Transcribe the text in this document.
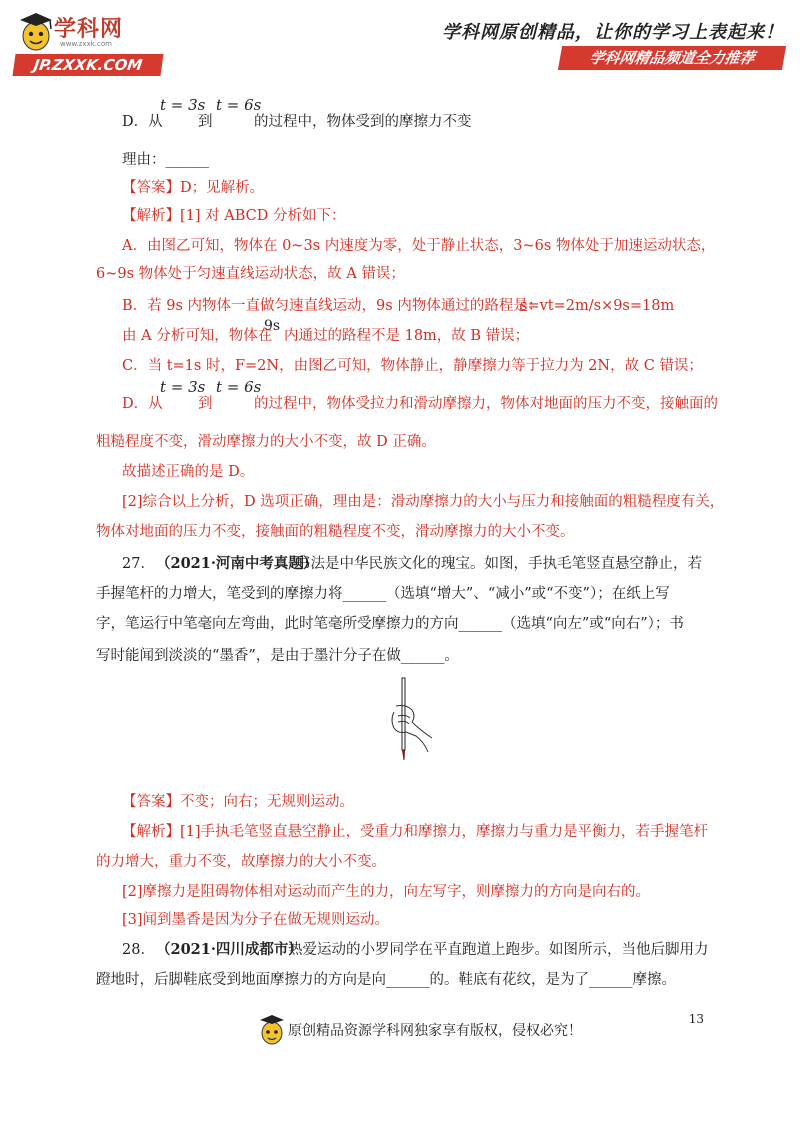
学科网
www.zxxk.com
JP.ZXXK.COM
学科网原创精品，让你的学习上表起来！
学科网精品频道全力推荐
D．从
t = 3s
到
t = 6s
的过程中，物体受到的摩擦力不变
理由：______
【答案】D；见解析。
【解析】[1] 对 ABCD 分析如下：
A．由图乙可知，物体在 0~3s 内速度为零，处于静止状态，3~6s 物体处于加速运动状态，
6~9s 物体处于匀速直线运动状态，故 A 错误；
B．若 9s 内物体一直做匀速直线运动，9s 内物体通过的路程是：
s=vt=2m/s×9s=18m
由 A 分析可知，物体在
9s
内通过的路程不是 18m，故 B 错误；
C．当 t=1s 时，F=2N，由图乙可知，物体静止，静摩擦力等于拉力为 2N，故 C 错误；
D．从
t = 3s
到
t = 6s
的过程中，物体受拉力和滑动摩擦力，物体对地面的压力不变，接触面的
粗糙程度不变，滑动摩擦力的大小不变，故 D 正确。
故描述正确的是 D。
[2]综合以上分析，D 选项正确，理由是：滑动摩擦力的大小与压力和接触面的粗糙程度有关，
物体对地面的压力不变，接触面的粗糙程度不变，滑动摩擦力的大小不变。
27． （2021·河南中考真题）
书法是中华民族文化的瑰宝。如图，手执毛笔竖直悬空静止，若
手握笔杆的力增大，笔受到的摩擦力将______（选填“增大”、“减小”或“不变”）；在纸上写
字，笔运行中笔毫向左弯曲，此时笔毫所受摩擦力的方向______（选填“向左”或“向右”）；书
写时能闻到淡淡的“墨香”，是由于墨汁分子在做______。
【答案】不变；向右；无规则运动。
【解析】[1]手执毛笔竖直悬空静止，受重力和摩擦力，摩擦力与重力是平衡力，若手握笔杆
的力增大，重力不变，故摩擦力的大小不变。
[2]摩擦力是阻碍物体相对运动而产生的力，向左写字，则摩擦力的方向是向右的。
[3]闻到墨香是因为分子在做无规则运动。
28． （2021·四川成都市）
热爱运动的小罗同学在平直跑道上跑步。如图所示，当他后脚用力
蹬地时，后脚鞋底受到地面摩擦力的方向是向______的。鞋底有花纹，是为了______摩擦。
13
原创精品资源学科网独家享有版权，侵权必究！
